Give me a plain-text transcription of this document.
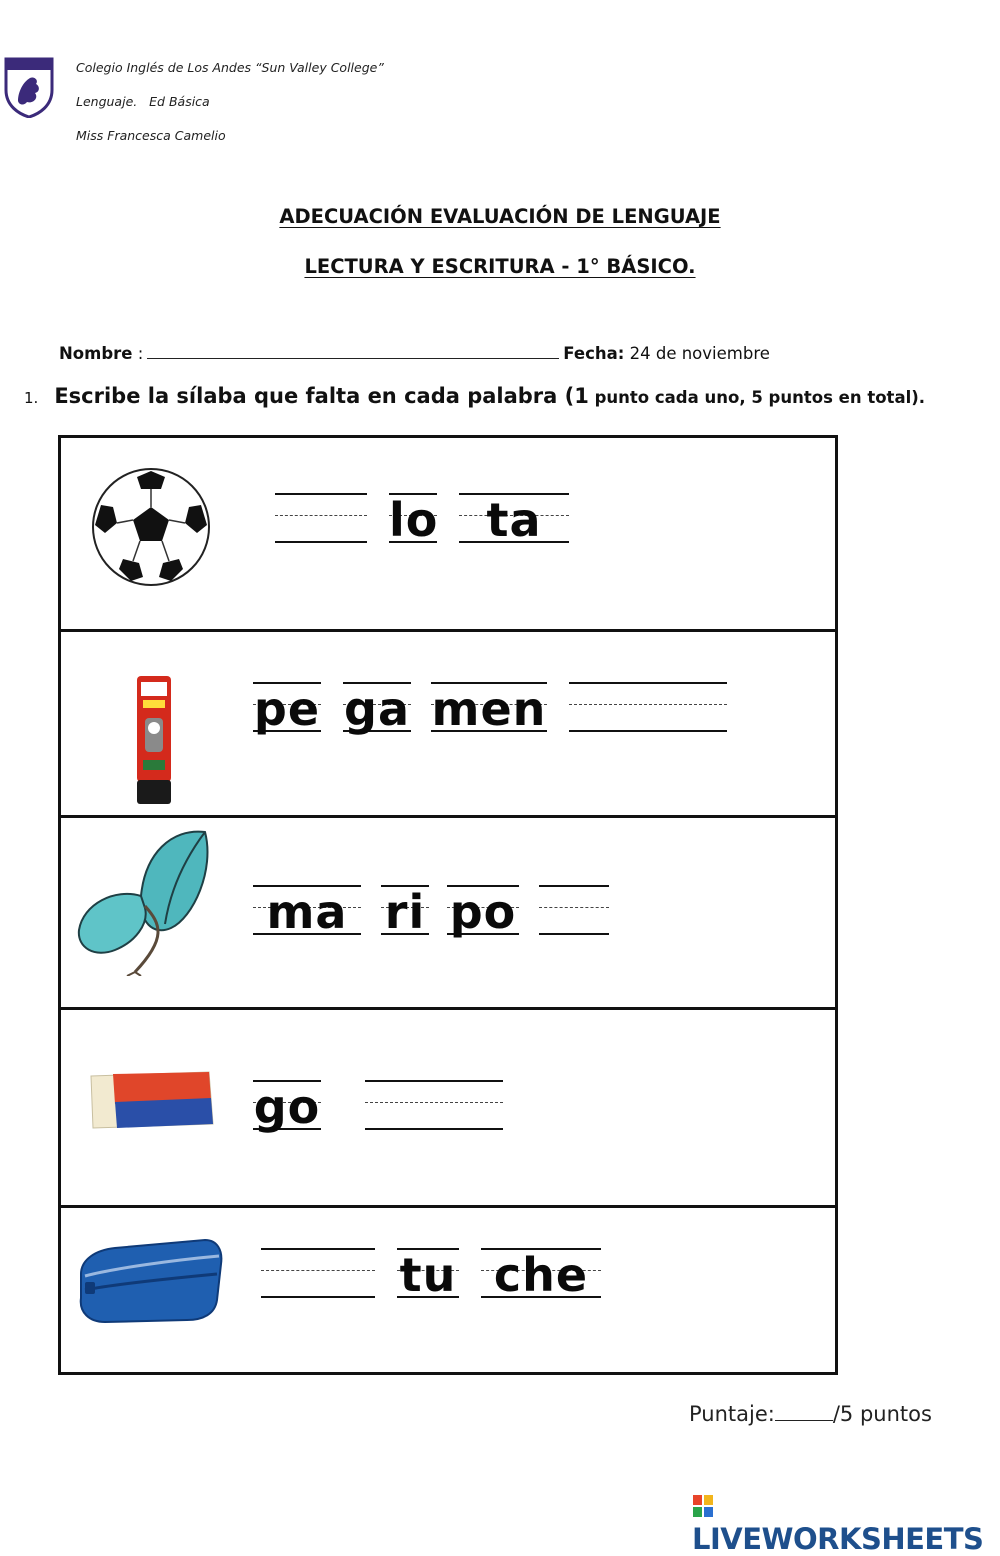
Colegio Inglés de Los Andes “Sun Valley College”
Lenguaje.   Ed Básica
Miss Francesca Camelio
ADECUACIÓN EVALUACIÓN DE LENGUAJE
LECTURA Y ESCRITURA - 1° BÁSICO.
Nombre :	Fecha: 24 de noviembre
1. Escribe la sílaba que falta en cada palabra (1 punto cada uno, 5 puntos en total).
lo	ta
pe ga men
ma ri po
go
tu che
Puntaje:	/5 puntos
LIVEWORKSHEETS
